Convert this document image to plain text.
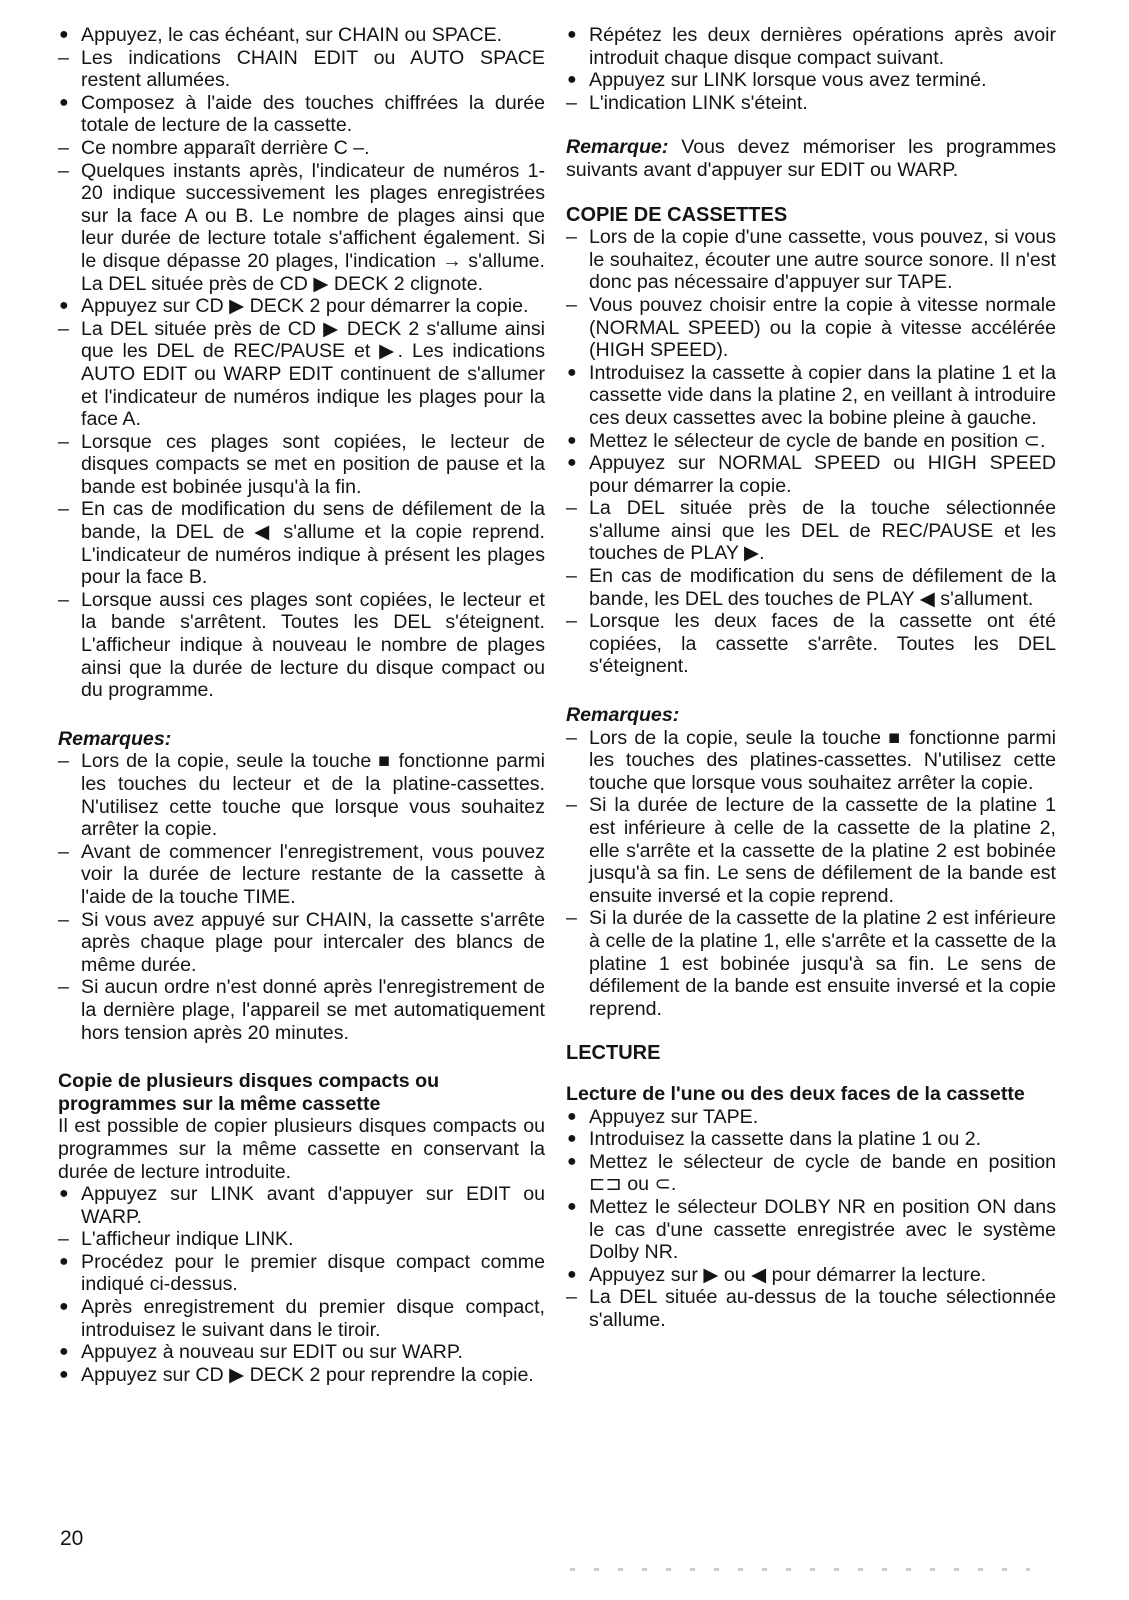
● Appuyez, le cas échéant, sur CHAIN ou SPACE.
– Les indications CHAIN EDIT ou AUTO SPACE restent allumées.
● Composez à l'aide des touches chiffrées la durée totale de lecture de la cassette.
– Ce nombre apparaît derrière C –.
– Quelques instants après, l'indicateur de numéros 1-20 indique successivement les plages enregistrées sur la face A ou B. Le nombre de plages ainsi que leur durée de lecture totale s'affichent également. Si le disque dépasse 20 plages, l'indication → s'allume. La DEL située près de CD ▶ DECK 2 clignote.
● Appuyez sur CD ▶ DECK 2 pour démarrer la copie.
– La DEL située près de CD ▶ DECK 2 s'allume ainsi que les DEL de REC/PAUSE et ▶. Les indications AUTO EDIT ou WARP EDIT continuent de s'allumer et l'indicateur de numéros indique les plages pour la face A.
– Lorsque ces plages sont copiées, le lecteur de disques compacts se met en position de pause et la bande est bobinée jusqu'à la fin.
– En cas de modification du sens de défilement de la bande, la DEL de ◀ s'allume et la copie reprend. L'indicateur de numéros indique à présent les plages pour la face B.
– Lorsque aussi ces plages sont copiées, le lecteur et la bande s'arrêtent. Toutes les DEL s'éteignent. L'afficheur indique à nouveau le nombre de plages ainsi que la durée de lecture du disque compact ou du programme.
Remarques:
– Lors de la copie, seule la touche ■ fonctionne parmi les touches du lecteur et de la platine-cassettes. N'utilisez cette touche que lorsque vous souhaitez arrêter la copie.
– Avant de commencer l'enregistrement, vous pouvez voir la durée de lecture restante de la cassette à l'aide de la touche TIME.
– Si vous avez appuyé sur CHAIN, la cassette s'arrête après chaque plage pour intercaler des blancs de même durée.
– Si aucun ordre n'est donné après l'enregistrement de la dernière plage, l'appareil se met automatiquement hors tension après 20 minutes.
Copie de plusieurs disques compacts ou programmes sur la même cassette
Il est possible de copier plusieurs disques compacts ou programmes sur la même cassette en conservant la durée de lecture introduite.
● Appuyez sur LINK avant d'appuyer sur EDIT ou WARP.
– L'afficheur indique LINK.
● Procédez pour le premier disque compact comme indiqué ci-dessus.
● Après enregistrement du premier disque compact, introduisez le suivant dans le tiroir.
● Appuyez à nouveau sur EDIT ou sur WARP.
● Appuyez sur CD ▶ DECK 2 pour reprendre la copie.
● Répétez les deux dernières opérations après avoir introduit chaque disque compact suivant.
● Appuyez sur LINK lorsque vous avez terminé.
– L'indication LINK s'éteint.
Remarque: Vous devez mémoriser les programmes suivants avant d'appuyer sur EDIT ou WARP.
COPIE DE CASSETTES
– Lors de la copie d'une cassette, vous pouvez, si vous le souhaitez, écouter une autre source sonore. Il n'est donc pas nécessaire d'appuyer sur TAPE.
– Vous pouvez choisir entre la copie à vitesse normale (NORMAL SPEED) ou la copie à vitesse accélérée (HIGH SPEED).
● Introduisez la cassette à copier dans la platine 1 et la cassette vide dans la platine 2, en veillant à introduire ces deux cassettes avec la bobine pleine à gauche.
● Mettez le sélecteur de cycle de bande en position ⊂.
● Appuyez sur NORMAL SPEED ou HIGH SPEED pour démarrer la copie.
– La DEL située près de la touche sélectionnée s'allume ainsi que les DEL de REC/PAUSE et les touches de PLAY ▶.
– En cas de modification du sens de défilement de la bande, les DEL des touches de PLAY ◀ s'allument.
– Lorsque les deux faces de la cassette ont été copiées, la cassette s'arrête. Toutes les DEL s'éteignent.
Remarques:
– Lors de la copie, seule la touche ■ fonctionne parmi les touches des platines-cassettes. N'utilisez cette touche que lorsque vous souhaitez arrêter la copie.
– Si la durée de lecture de la cassette de la platine 1 est inférieure à celle de la cassette de la platine 2, elle s'arrête et la cassette de la platine 2 est bobinée jusqu'à sa fin. Le sens de défilement de la bande est ensuite inversé et la copie reprend.
– Si la durée de la cassette de la platine 2 est inférieure à celle de la platine 1, elle s'arrête et la cassette de la platine 1 est bobinée jusqu'à sa fin. Le sens de défilement de la bande est ensuite inversé et la copie reprend.
LECTURE
Lecture de l'une ou des deux faces de la cassette
● Appuyez sur TAPE.
● Introduisez la cassette dans la platine 1 ou 2.
● Mettez le sélecteur de cycle de bande en position ⊏⊐ ou ⊂.
● Mettez le sélecteur DOLBY NR en position ON dans le cas d'une cassette enregistrée avec le système Dolby NR.
● Appuyez sur ▶ ou ◀ pour démarrer la lecture.
– La DEL située au-dessus de la touche sélectionnée s'allume.
20
